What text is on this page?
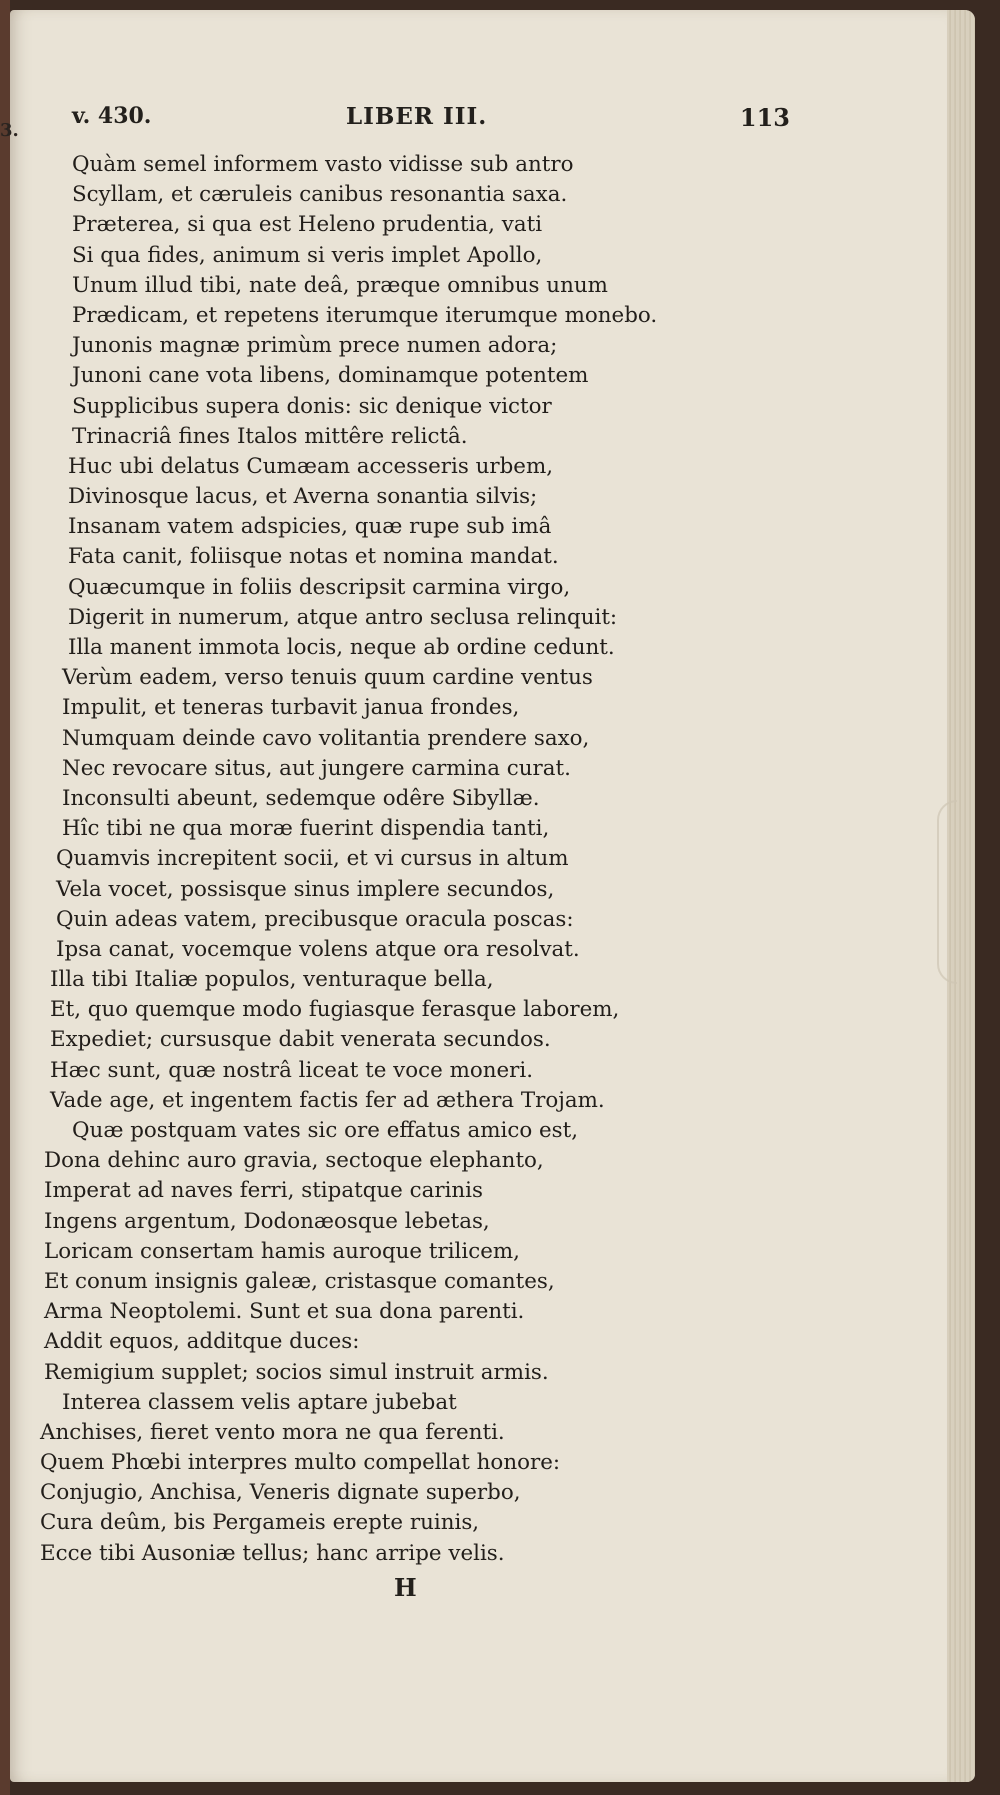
3.
v. 430.	LIBER III.	113
Quàm semel informem vasto vidisse sub antro
Scyllam, et cæruleis canibus resonantia saxa.
Præterea, si qua est Heleno prudentia, vati
Si qua fides, animum si veris implet Apollo,
Unum illud tibi, nate deâ, præque omnibus unum
Prædicam, et repetens iterumque iterumque monebo.
Junonis magnæ primùm prece numen adora;
Junoni cane vota libens, dominamque potentem
Supplicibus supera donis: sic denique victor
Trinacriâ fines Italos mittêre relictâ.
Huc ubi delatus Cumæam accesseris urbem,
Divinosque lacus, et Averna sonantia silvis;
Insanam vatem adspicies, quæ rupe sub imâ
Fata canit, foliisque notas et nomina mandat.
Quæcumque in foliis descripsit carmina virgo,
Digerit in numerum, atque antro seclusa relinquit:
Illa manent immota locis, neque ab ordine cedunt.
Verùm eadem, verso tenuis quum cardine ventus
Impulit, et teneras turbavit janua frondes,
Numquam deinde cavo volitantia prendere saxo,
Nec revocare situs, aut jungere carmina curat.
Inconsulti abeunt, sedemque odêre Sibyllæ.
Hîc tibi ne qua moræ fuerint dispendia tanti,
Quamvis increpitent socii, et vi cursus in altum
Vela vocet, possisque sinus implere secundos,
Quin adeas vatem, precibusque oracula poscas:
Ipsa canat, vocemque volens atque ora resolvat.
Illa tibi Italiæ populos, venturaque bella,
Et, quo quemque modo fugiasque ferasque laborem,
Expediet; cursusque dabit venerata secundos.
Hæc sunt, quæ nostrâ liceat te voce moneri.
Vade age, et ingentem factis fer ad æthera Trojam.
Quæ postquam vates sic ore effatus amico est,
Dona dehinc auro gravia, sectoque elephanto,
Imperat ad naves ferri, stipatque carinis
Ingens argentum, Dodonæosque lebetas,
Loricam consertam hamis auroque trilicem,
Et conum insignis galeæ, cristasque comantes,
Arma Neoptolemi. Sunt et sua dona parenti.
Addit equos, additque duces:
Remigium supplet; socios simul instruit armis.
Interea classem velis aptare jubebat
Anchises, fieret vento mora ne qua ferenti.
Quem Phœbi interpres multo compellat honore:
Conjugio, Anchisa, Veneris dignate superbo,
Cura deûm, bis Pergameis erepte ruinis,
Ecce tibi Ausoniæ tellus; hanc arripe velis.
H
